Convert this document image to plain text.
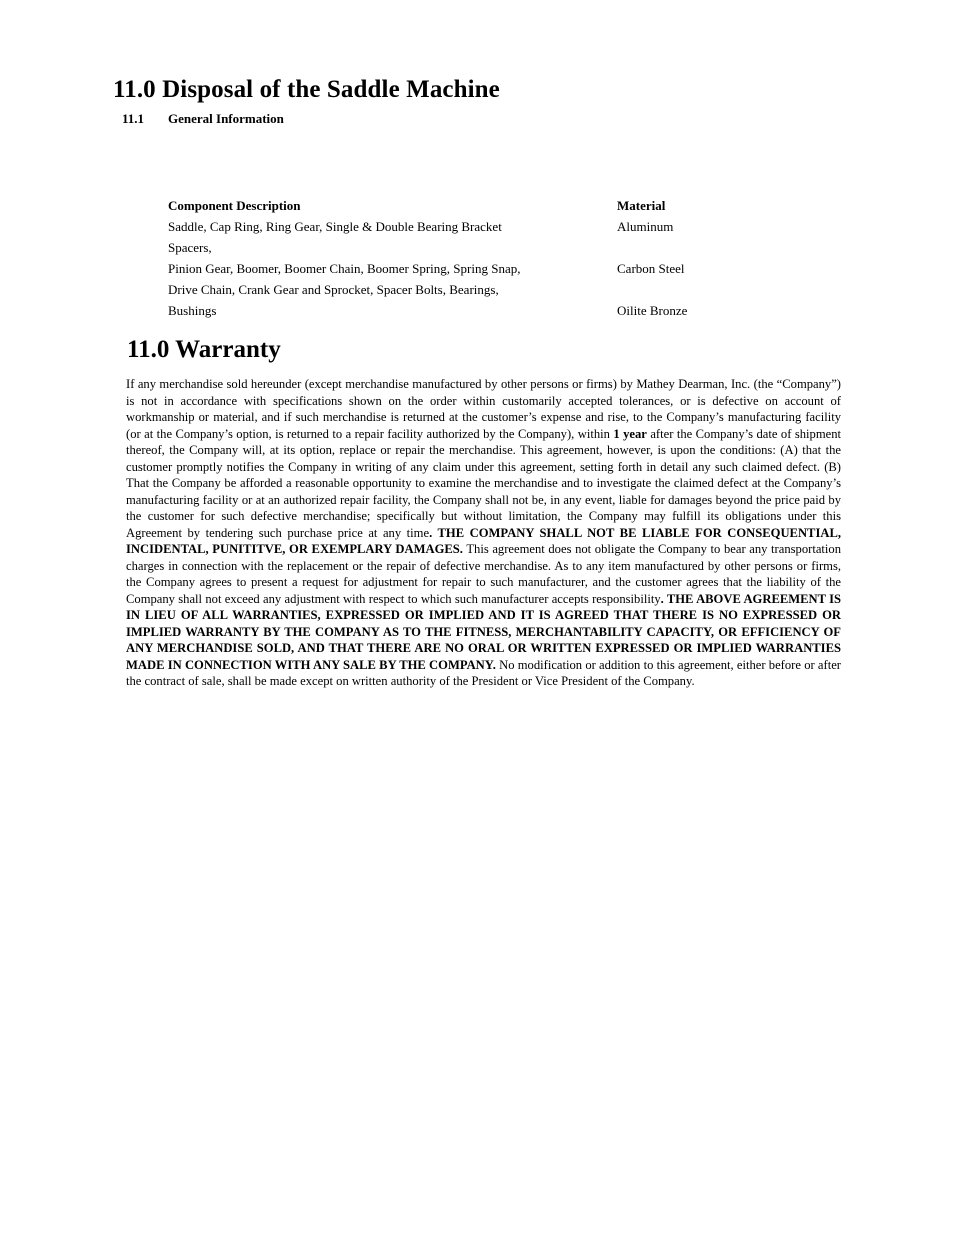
11.0 Disposal of the Saddle Machine
11.1 General Information
Component Description	Material
Saddle, Cap Ring, Ring Gear, Single & Double Bearing Bracket	Aluminum
Spacers,	
Pinion Gear, Boomer, Boomer Chain, Boomer Spring, Spring Snap,	Carbon Steel
Drive Chain, Crank Gear and Sprocket, Spacer Bolts, Bearings,	
Bushings	Oilite Bronze
11.0 Warranty

If any merchandise sold hereunder (except merchandise manufactured by other persons or firms) by Mathey Dearman, Inc. (the “Company”) is not in accordance with specifications shown on the order within customarily accepted tolerances, or is defective on account of workmanship or material, and if such merchandise is returned at the customer’s expense and rise, to the Company’s manufacturing facility (or at the Company’s option, is returned to a repair facility authorized by the Company), within 1 year after the Company’s date of shipment thereof, the Company will, at its option, replace or repair the merchandise. This agreement, however, is upon the conditions: (A) that the customer promptly notifies the Company in writing of any claim under this agreement, setting forth in detail any such claimed defect. (B) That the Company be afforded a reasonable opportunity to examine the merchandise and to investigate the claimed defect at the Company’s manufacturing facility or at an authorized repair facility, the Company shall not be, in any event, liable for damages beyond the price paid by the customer for such defective merchandise; specifically but without limitation, the Company may fulfill its obligations under this Agreement by tendering such purchase price at any time. THE COMPANY SHALL NOT BE LIABLE FOR CONSEQUENTIAL, INCIDENTAL, PUNITITVE, OR EXEMPLARY DAMAGES. This agreement does not obligate the Company to bear any transportation charges in connection with the replacement or the repair of defective merchandise. As to any item manufactured by other persons or firms, the Company agrees to present a request for adjustment for repair to such manufacturer, and the customer agrees that the liability of the Company shall not exceed any adjustment with respect to which such manufacturer accepts responsibility. THE ABOVE AGREEMENT IS IN LIEU OF ALL WARRANTIES, EXPRESSED OR IMPLIED AND IT IS AGREED THAT THERE IS NO EXPRESSED OR IMPLIED WARRANTY BY THE COMPANY AS TO THE FITNESS, MERCHANTABILITY CAPACITY, OR EFFICIENCY OF ANY MERCHANDISE SOLD, AND THAT THERE ARE NO ORAL OR WRITTEN EXPRESSED OR IMPLIED WARRANTIES MADE IN CONNECTION WITH ANY SALE BY THE COMPANY. No modification or addition to this agreement, either before or after the contract of sale, shall be made except on written authority of the President or Vice President of the Company.
